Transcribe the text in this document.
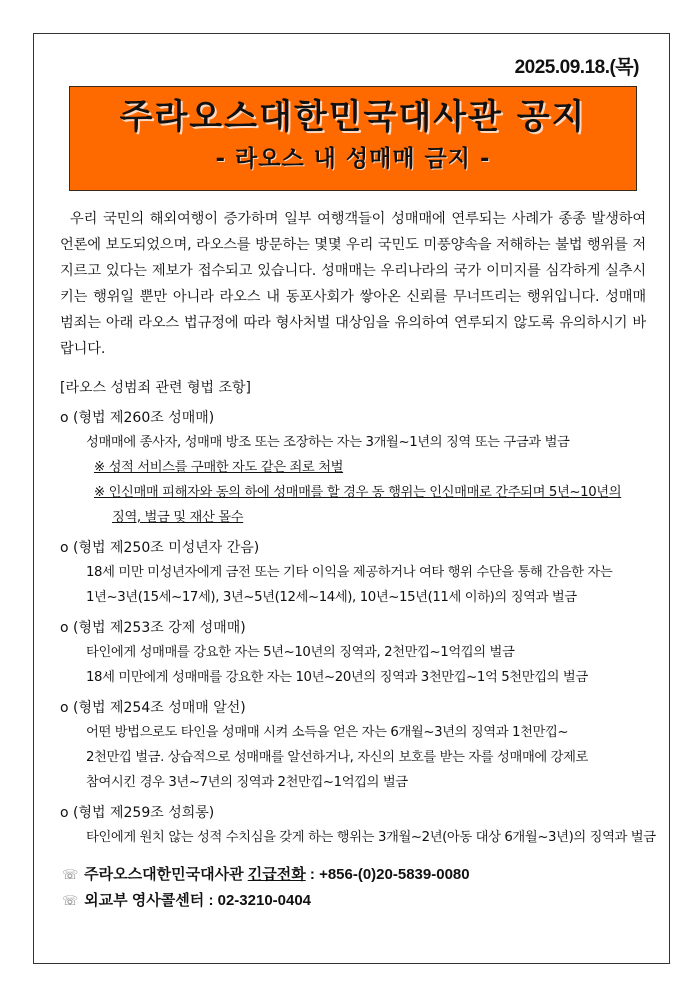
2025.09.18.(목)
주라오스대한민국대사관 공지
- 라오스 내 성매매 금지 -

우리 국민의 해외여행이 증가하며 일부 여행객들이 성매매에 연루되는 사례가 종종 발생하여 언론에 보도되었으며, 라오스를 방문하는 몇몇 우리 국민도 미풍양속을 저해하는 불법 행위를 저지르고 있다는 제보가 접수되고 있습니다. 성매매는 우리나라의 국가 이미지를 심각하게 실추시키는 행위일 뿐만 아니라 라오스 내 동포사회가 쌓아온 신뢰를 무너뜨리는 행위입니다. 성매매 범죄는 아래 라오스 법규정에 따라 형사처벌 대상임을 유의하여 연루되지 않도록 유의하시기 바랍니다.

[라오스 성범죄 관련 형법 조항]
o (형법 제260조 성매매)
성매매에 종사자, 성매매 방조 또는 조장하는 자는 3개월~1년의 징역 또는 구금과 벌금
※ 성적 서비스를 구매한 자도 같은 죄로 처벌
※ 인신매매 피해자와 동의 하에 성매매를 할 경우 동 행위는 인신매매로 간주되며 5년~10년의
징역, 벌금 및 재산 몰수
o (형법 제250조 미성년자 간음)
18세 미만 미성년자에게 금전 또는 기타 이익을 제공하거나 여타 행위 수단을 통해 간음한 자는
1년~3년(15세~17세), 3년~5년(12세~14세), 10년~15년(11세 이하)의 징역과 벌금
o (형법 제253조 강제 성매매)
타인에게 성매매를 강요한 자는 5년~10년의 징역과, 2천만낍~1억낍의 벌금
18세 미만에게 성매매를 강요한 자는 10년~20년의 징역과 3천만낍~1억 5천만낍의 벌금
o (형법 제254조 성매매 알선)
어떤 방법으로도 타인을 성매매 시켜 소득을 얻은 자는 6개월~3년의 징역과 1천만낍~
2천만낍 벌금. 상습적으로 성매매를 알선하거나, 자신의 보호를 받는 자를 성매매에 강제로
참여시킨 경우 3년~7년의 징역과 2천만낍~1억낍의 벌금
o (형법 제259조 성희롱)
타인에게 원치 않는 성적 수치심을 갖게 하는 행위는 3개월~2년(아동 대상 6개월~3년)의 징역과 벌금
☏ 주라오스대한민국대사관 긴급전화 : +856-(0)20-5839-0080
☏ 외교부 영사콜센터 : 02-3210-0404
